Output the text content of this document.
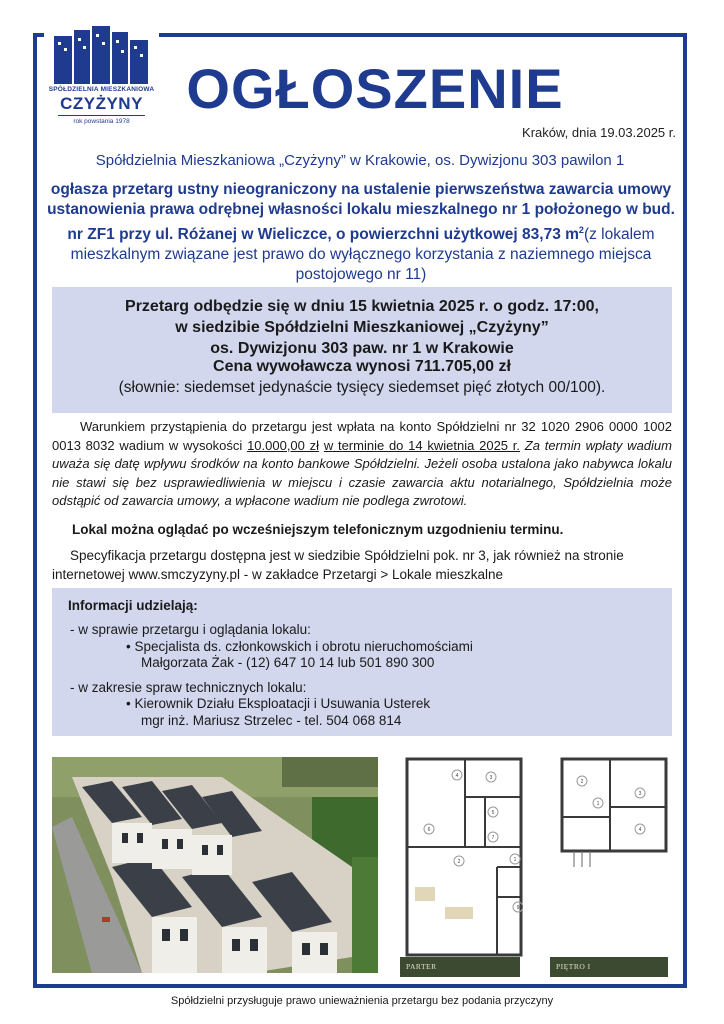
SPÓŁDZIELNIA MIESZKANIOWA
CZYŻYNY
rok powstania 1978
OGŁOSZENIE
Kraków, dnia 19.03.2025 r.
Spółdzielnia Mieszkaniowa „Czyżyny” w Krakowie, os. Dywizjonu 303 pawilon 1
ogłasza przetarg ustny nieograniczony na ustalenie pierwszeństwa zawarcia umowy ustanowienia prawa odrębnej własności lokalu mieszkalnego nr 1 położonego w bud. nr ZF1 przy ul. Różanej w Wieliczce, o powierzchni użytkowej 83,73 $m^2(z$ lokalem mieszkalnym związane jest prawo do wyłącznego korzystania z naziemnego miejsca postojowego nr 11)
Przetarg odbędzie się w dniu 15 kwietnia 2025 r. o godz. 17:00,
w siedzibie Spółdzielni Mieszkaniowej „Czyżyny”
os. Dywizjonu 303 paw. nr 1 w Krakowie
Cena wywoławcza wynosi 711.705,00 zł
(słownie: siedemset jedynaście tysięcy siedemset pięć złotych 00/100).
Warunkiem przystąpienia do przetargu jest wpłata na konto Spółdzielni nr 32 1020 2906 0000 1002 0013 8032 wadium w wysokości 10.000,00 zł w terminie do 14 kwietnia 2025 r. Za termin wpłaty wadium uważa się datę wpływu środków na konto bankowe Spółdzielni. Jeżeli osoba ustalona jako nabywca lokalu nie stawi się bez usprawiedliwienia w miejscu i czasie zawarcia aktu notarialnego, Spółdzielnia może odstąpić od zawarcia umowy, a wpłacone wadium nie podlega zwrotowi.
Lokal można oglądać po wcześniejszym telefonicznym uzgodnieniu terminu.
Specyfikacja przetargu dostępna jest w siedzibie Spółdzielni pok. nr 3, jak również na stronie internetowej www.smczyzyny.pl - w zakładce Przetargi > Lokale mieszkalne
Informacji udzielają:
- w sprawie przetargu i oglądania lokalu:
• Specjalista ds. członkowskich i obrotu nieruchomościami
Małgorzata Żak - (12) 647 10 14 lub 501 890 300
- w zakresie spraw technicznych lokalu:
• Kierownik Działu Eksploatacji i Usuwania Usterek
mgr inż. Mariusz Strzelec - tel. 504 068 814
4	3
5
6
7
2	1
9
PARTER
2
3
1
4
PIĘTRO I
Spółdzielni przysługuje prawo unieważnienia przetargu bez podania przyczyny
